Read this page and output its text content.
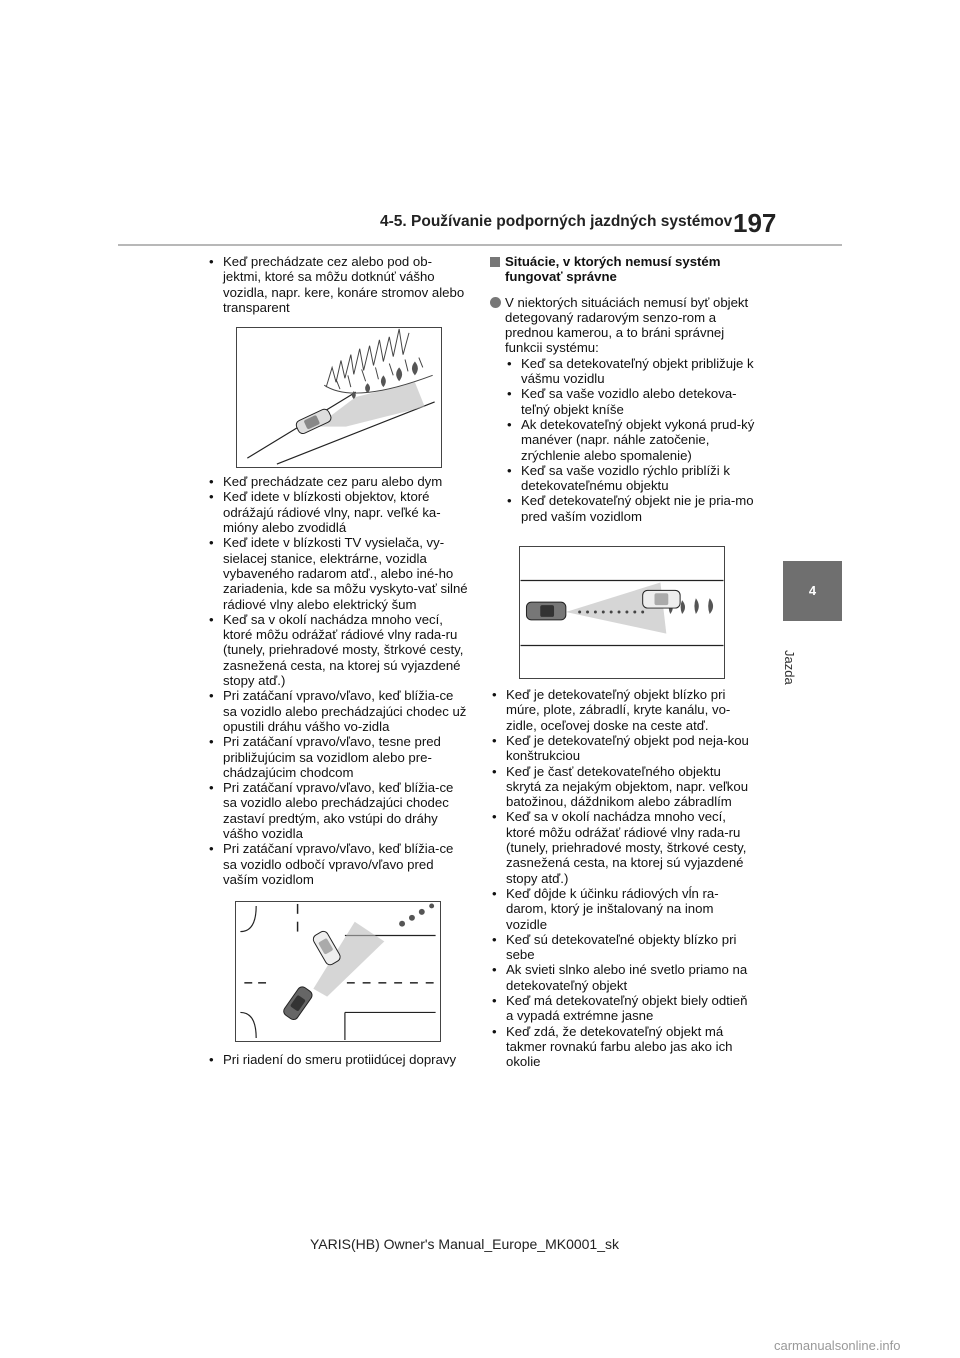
4-5. Používanie podporných jazdných systémov 197
4
Jazda
• Keď prechádzate cez alebo pod ob-jektmi, ktoré sa môžu dotknúť vášho vozidla, napr. kere, konáre stromov alebo transparent
• Keď prechádzate cez paru alebo dym
• Keď idete v blízkosti objektov, ktoré odrážajú rádiové vlny, napr. veľké ka-mióny alebo zvodidlá
• Keď idete v blízkosti TV vysielača, vy-sielacej stanice, elektrárne, vozidla vybaveného radarom atď., alebo iné-ho zariadenia, kde sa môžu vyskyto-vať silné rádiové vlny alebo elektrický šum
• Keď sa v okolí nachádza mnoho vecí, ktoré môžu odrážať rádiové vlny rada-ru (tunely, priehradové mosty, štrkové cesty, zasnežená cesta, na ktorej sú vyjazdené stopy atď.)
• Pri zatáčaní vpravo/vľavo, keď blížia-ce sa vozidlo alebo prechádzajúci chodec už opustili dráhu vášho vo-zidla
• Pri zatáčaní vpravo/vľavo, tesne pred približujúcim sa vozidlom alebo pre-chádzajúcim chodcom
• Pri zatáčaní vpravo/vľavo, keď blížia-ce sa vozidlo alebo prechádzajúci chodec zastaví predtým, ako vstúpi do dráhy vášho vozidla
• Pri zatáčaní vpravo/vľavo, keď blížia-ce sa vozidlo odbočí vpravo/vľavo pred vaším vozidlom
• Pri riadení do smeru protiidúcej dopravy
Situácie, v ktorých nemusí systém fungovať správne
V niektorých situáciách nemusí byť objekt detegovaný radarovým senzo-rom a prednou kamerou, a to bráni správnej funkcii systému:
• Keď sa detekovateľný objekt približuje k vášmu vozidlu
• Keď sa vaše vozidlo alebo detekova-teľný objekt kníše
• Ak detekovateľný objekt vykoná prud-ký manéver (napr. náhle zatočenie, zrýchlenie alebo spomalenie)
• Keď sa vaše vozidlo rýchlo priblíži k detekovateľnému objektu
• Keď detekovateľný objekt nie je pria-mo pred vaším vozidlom
• Keď je detekovateľný objekt blízko pri múre, plote, zábradlí, kryte kanálu, vo-zidle, oceľovej doske na ceste atď.
• Keď je detekovateľný objekt pod neja-kou konštrukciou
• Keď je časť detekovateľného objektu skrytá za nejakým objektom, napr. veľkou batožinou, dáždnikom alebo zábradlím
• Keď sa v okolí nachádza mnoho vecí, ktoré môžu odrážať rádiové vlny rada-ru (tunely, priehradové mosty, štrkové cesty, zasnežená cesta, na ktorej sú vyjazdené stopy atď.)
• Keď dôjde k účinku rádiových vĺn ra-darom, ktorý je inštalovaný na inom vozidle
• Keď sú detekovateľné objekty blízko pri sebe
• Ak svieti slnko alebo iné svetlo priamo na detekovateľný objekt
• Keď má detekovateľný objekt biely odtieň a vypadá extrémne jasne
• Keď zdá, že detekovateľný objekt má takmer rovnakú farbu alebo jas ako ich okolie
YARIS(HB) Owner's Manual_Europe_MK0001_sk
carmanualsonline.info
